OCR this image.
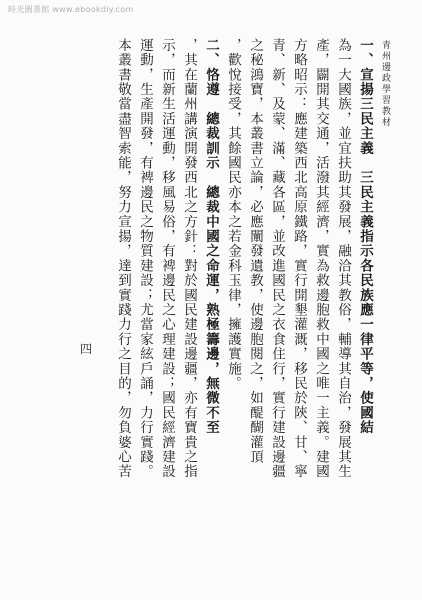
時光圖書館 www.ebookdiy.com
青州邊政學習教材
四	一、宣揚三民主義　三民主義指示各民族應一律平等，使國結
為一大國族，並宜扶助其發展，融洽其教俗，輔導其自治，發展其生
產，闢開其交通，活潑其經濟，實為救邊胞救中國之唯一主義。建國
方略昭示：應建築西北高原鐵路，實行開墾灌溉，移民於陝、甘、寧
青、新、及蒙、滿、藏各區，並改進國民之衣食住行，實行建設邊疆
之秘鴻寶，本叢書立論，必應闡發遺教，使邊胞閱之，如醍醐灌頂
，歡悅接受，其餘國民亦本之若金科玉律，擁護實施。
二、恪遵　總裁訓示　總裁中國之命運，熟極籌邊，無微不至
，其在蘭州講演開發西北之方針：對於國民建設邊疆，亦有寶貴之指
示，而新生活運動，移風易俗，有裨邊民之心理建設；國民經濟建設
運動，生產開發，有裨邊民之物質建設；尤當家絃戶誦，力行實踐。
本叢書敬當盡智索能，努力宣揚，達到實踐力行之目的，勿負婆心苦
